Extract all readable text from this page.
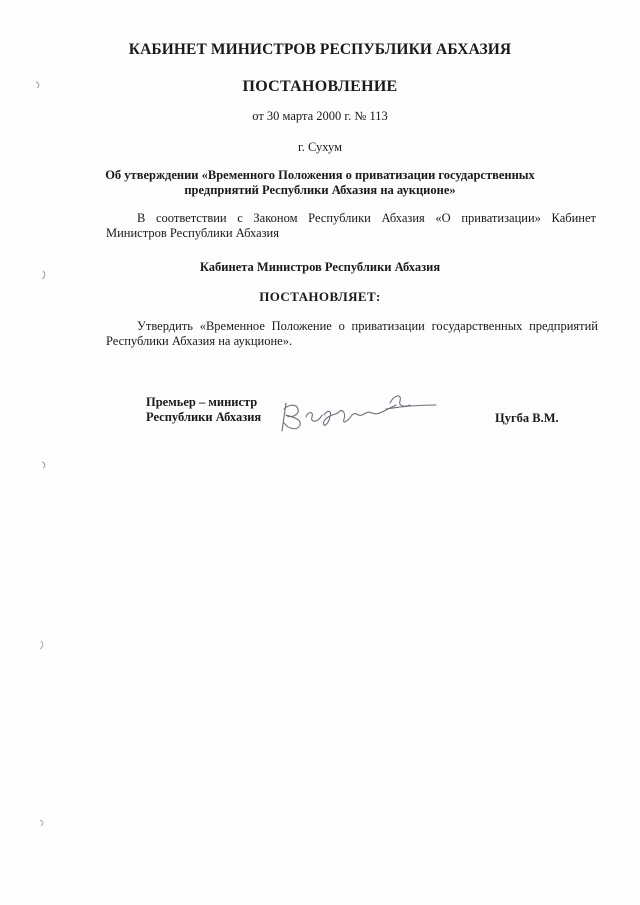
КАБИНЕТ МИНИСТРОВ РЕСПУБЛИКИ АБХАЗИЯ
ПОСТАНОВЛЕНИЕ
от 30 марта 2000 г. № 113
г. Сухум
Об утверждении «Временного Положения о приватизации государственных
предприятий Республики Абхазия на аукционе»
В соответствии с Законом Республики Абхазия «О приватизации» Кабинет Министров Республики Абхазия
Кабинета Министров Республики Абхазия
ПОСТАНОВЛЯЕТ:
Утвердить «Временное Положение о приватизации государственных предприятий Республики Абхазия на аукционе».
Премьер – министр
Республики Абхазия	Цугба В.М.
